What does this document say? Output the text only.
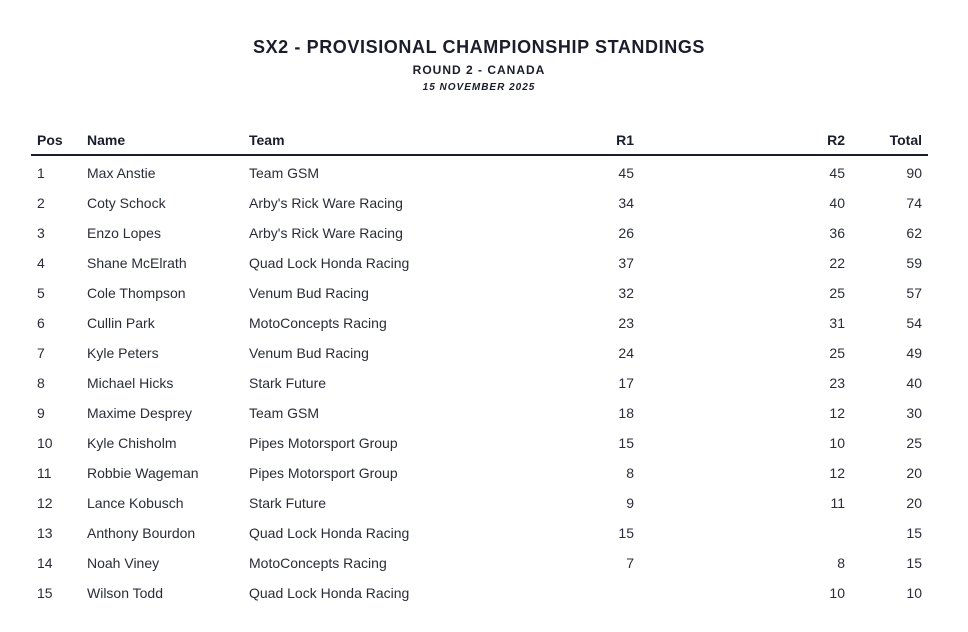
SX2 - PROVISIONAL CHAMPIONSHIP STANDINGS
ROUND 2 - CANADA
15 NOVEMBER 2025
Pos	Name	Team	R1	R2	Total
1	Max Anstie	Team GSM	45	45	90
2	Coty Schock	Arby's Rick Ware Racing	34	40	74
3	Enzo Lopes	Arby's Rick Ware Racing	26	36	62
4	Shane McElrath	Quad Lock Honda Racing	37	22	59
5	Cole Thompson	Venum Bud Racing	32	25	57
6	Cullin Park	MotoConcepts Racing	23	31	54
7	Kyle Peters	Venum Bud Racing	24	25	49
8	Michael Hicks	Stark Future	17	23	40
9	Maxime Desprey	Team GSM	18	12	30
10	Kyle Chisholm	Pipes Motorsport Group	15	10	25
11	Robbie Wageman	Pipes Motorsport Group	8	12	20
12	Lance Kobusch	Stark Future	9	11	20
13	Anthony Bourdon	Quad Lock Honda Racing	15		15
14	Noah Viney	MotoConcepts Racing	7	8	15
15	Wilson Todd	Quad Lock Honda Racing		10	10
